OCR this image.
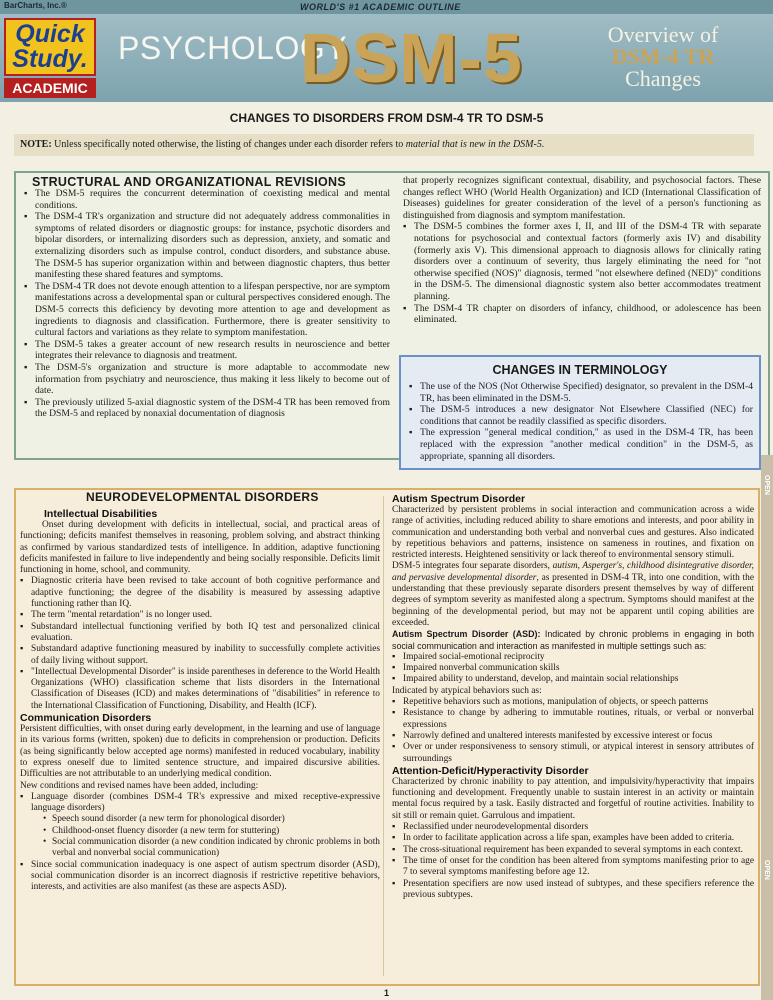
BarCharts, Inc.®	WORLD'S #1 ACADEMIC OUTLINE
Quick Study.
ACADEMIC
PSYCHOLOGY
DSM-5	Overview of
DSM-4 TR
Changes
CHANGES TO DISORDERS FROM DSM-4 TR TO DSM-5
NOTE: Unless specifically noted otherwise, the listing of changes under each disorder refers to material that is new in the DSM-5.
STRUCTURAL AND ORGANIZATIONAL REVISIONS
▪ The DSM-5 requires the concurrent determination of coexisting medical and mental conditions.
▪ The DSM-4 TR's organization and structure did not adequately address commonalities in symptoms of related disorders or diagnostic groups: for instance, psychotic disorders and bipolar disorders, or internalizing disorders such as depression, anxiety, and somatic and externalizing disorders such as impulse control, conduct disorders, and substance abuse. The DSM-5 has superior organization within and between diagnostic chapters, thus better manifesting these shared features and symptoms.
▪ The DSM-4 TR does not devote enough attention to a lifespan perspective, nor are symptom manifestations across a developmental span or cultural perspectives considered enough. The DSM-5 corrects this deficiency by devoting more attention to age and development as ingredients to diagnosis and classification. Furthermore, there is greater sensitivity to cultural factors and variations as they relate to symptom manifestation.
▪ The DSM-5 takes a greater account of new research results in neuroscience and better integrates their relevance to diagnosis and treatment.
▪ The DSM-5's organization and structure is more adaptable to accommodate new information from psychiatry and neuroscience, thus making it less likely to become out of date.
▪ The previously utilized 5-axial diagnostic system of the DSM-4 TR has been removed from the DSM-5 and replaced by nonaxial documentation of diagnosis

that properly recognizes significant contextual, disability, and psychosocial factors. These changes reflect WHO (World Health Organization) and ICD (International Classification of Diseases) guidelines for greater consideration of the level of a person's functioning as distinguished from diagnosis and symptom manifestation.

▪ The DSM-5 combines the former axes I, II, and III of the DSM-4 TR with separate notations for psychosocial and contextual factors (formerly axis IV) and disability (formerly axis V). This dimensional approach to diagnosis allows for clinically rating disorders over a continuum of severity, thus largely eliminating the need for "not otherwise specified (NOS)" diagnosis, termed "not elsewhere defined (NED)" conditions in the DSM-5. The dimensional diagnostic system also better accommodates treatment planning.
▪ The DSM-4 TR chapter on disorders of infancy, childhood, or adolescence has been eliminated.
CHANGES IN TERMINOLOGY
▪ The use of the NOS (Not Otherwise Specified) designator, so prevalent in the DSM-4 TR, has been eliminated in the DSM-5.
▪ The DSM-5 introduces a new designator Not Elsewhere Classified (NEC) for conditions that cannot be readily classified as specific disorders.
▪ The expression "general medical condition," as used in the DSM-4 TR, has been replaced with the expression "another medical condition" in the DSM-5, as appropriate, spanning all disorders.
NEURODEVELOPMENTAL DISORDERS
Intellectual Disabilities

Onset during development with deficits in intellectual, social, and practical areas of functioning; deficits manifest themselves in reasoning, problem solving, and abstract thinking as confirmed by various standardized tests of intelligence. In addition, adaptive functioning deficits manifested in failure to live independently and being socially responsible. Deficits limit functioning in home, school, and community.

▪ Diagnostic criteria have been revised to take account of both cognitive performance and adaptive functioning; the degree of the disability is measured by assessing adaptive functioning rather than IQ.
▪ The term "mental retardation" is no longer used.
▪ Substandard intellectual functioning verified by both IQ test and personalized clinical evaluation.
▪ Substandard adaptive functioning measured by inability to successfully complete activities of daily living without support.
▪ "Intellectual Developmental Disorder" is inside parentheses in deference to the World Health Organizations (WHO) classification scheme that lists disorders in the International Classification of Diseases (ICD) and makes determinations of "disabilities" in reference to the International Classification of Functioning, Disability, and Health (ICF).
Communication Disorders

Persistent difficulties, with onset during early development, in the learning and use of language in its various forms (written, spoken) due to deficits in comprehension or production. Deficits (as being significantly below accepted age norms) manifested in reduced vocabulary, inability to express oneself due to limited sentence structure, and impaired discursive abilities. Difficulties are not attributable to an underlying medical condition.

New conditions and revised names have been added, including:

▪ Language disorder (combines DSM-4 TR's expressive and mixed receptive-expressive language disorders)
• Speech sound disorder (a new term for phonological disorder)
• Childhood-onset fluency disorder (a new term for stuttering)
• Social communication disorder (a new condition indicated by chronic problems in both verbal and nonverbal social communication)
▪ Since social communication inadequacy is one aspect of autism spectrum disorder (ASD), social communication disorder is an incorrect diagnosis if restrictive repetitive behaviors, interests, and activities are also manifest (as these are aspects ASD).
Autism Spectrum Disorder

Characterized by persistent problems in social interaction and communication across a wide range of activities, including reduced ability to share emotions and interests, and poor ability in communication and understanding both verbal and nonverbal cues and gestures. Also indicated by repetitious behaviors and patterns, insistence on sameness in routines, and fixation on restricted interests. Heightened sensitivity or lack thereof to environmental sensory stimuli.

DSM-5 integrates four separate disorders, autism, Asperger's, childhood disintegrative disorder, and pervasive developmental disorder, as presented in DSM-4 TR, into one condition, with the understanding that these previously separate disorders present themselves by way of different degrees of symptom severity as manifested along a spectrum. Symptoms should manifest at the beginning of the developmental period, but may not be apparent until coping abilities are exceeded.

Autism Spectrum Disorder (ASD): Indicated by chronic problems in engaging in both social communication and interaction as manifested in multiple settings such as:

▪ Impaired social-emotional reciprocity
▪ Impaired nonverbal communication skills
▪ Impaired ability to understand, develop, and maintain social relationships

Indicated by atypical behaviors such as:

▪ Repetitive behaviors such as motions, manipulation of objects, or speech patterns
▪ Resistance to change by adhering to immutable routines, rituals, or verbal or nonverbal expressions
▪ Narrowly defined and unaltered interests manifested by excessive interest or focus
▪ Over or under responsiveness to sensory stimuli, or atypical interest in sensory attributes of surroundings
Attention-Deficit/Hyperactivity Disorder

Characterized by chronic inability to pay attention, and impulsivity/hyperactivity that impairs functioning and development. Frequently unable to sustain interest in an activity or maintain mental focus required by a task. Easily distracted and forgetful of routine activities. Inability to sit still or remain quiet. Garrulous and impatient.

▪ Reclassified under neurodevelopmental disorders
▪ In order to facilitate application across a life span, examples have been added to criteria.
▪ The cross-situational requirement has been expanded to several symptoms in each context.
▪ The time of onset for the condition has been altered from symptoms manifesting prior to age 7 to several symptoms manifesting before age 12.
▪ Presentation specifiers are now used instead of subtypes, and these specifiers reference the previous subtypes.
OPEN
OPEN
1
